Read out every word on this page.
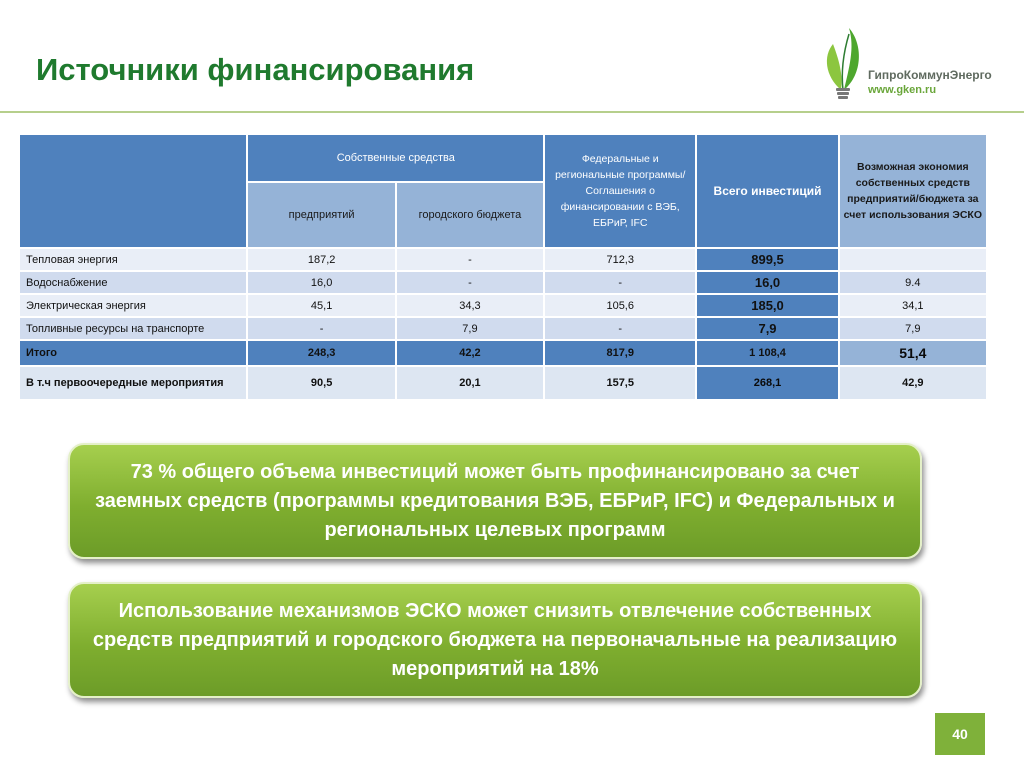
Источники финансирования	ГипроКоммунЭнерго
www.gken.ru
	Собственные средства		Федеральные и региональные программы/ Соглашения о финансировании с ВЭБ, ЕБРиР, IFC	Всего инвестиций	Возможная экономия собственных средств предприятий/бюджета за счет использования ЭСКО
	предприятий	городского бюджета			
Тепловая энергия	187,2	-	712,3	899,5	
Водоснабжение	16,0	-	-	16,0	9.4
Электрическая энергия	45,1	34,3	105,6	185,0	34,1
Топливные ресурсы на транспорте	-	7,9	-	7,9	7,9
Итого	248,3	42,2	817,9	1 108,4	51,4
В т.ч первоочередные мероприятия	90,5	20,1	157,5	268,1	42,9
73 % общего объема инвестиций может быть профинансировано за счет заемных средств (программы кредитования ВЭБ, ЕБРиР, IFC) и Федеральных и региональных целевых программ
Использование механизмов ЭСКО может снизить отвлечение собственных средств предприятий и городского бюджета на первоначальные на реализацию мероприятий на 18%
40
